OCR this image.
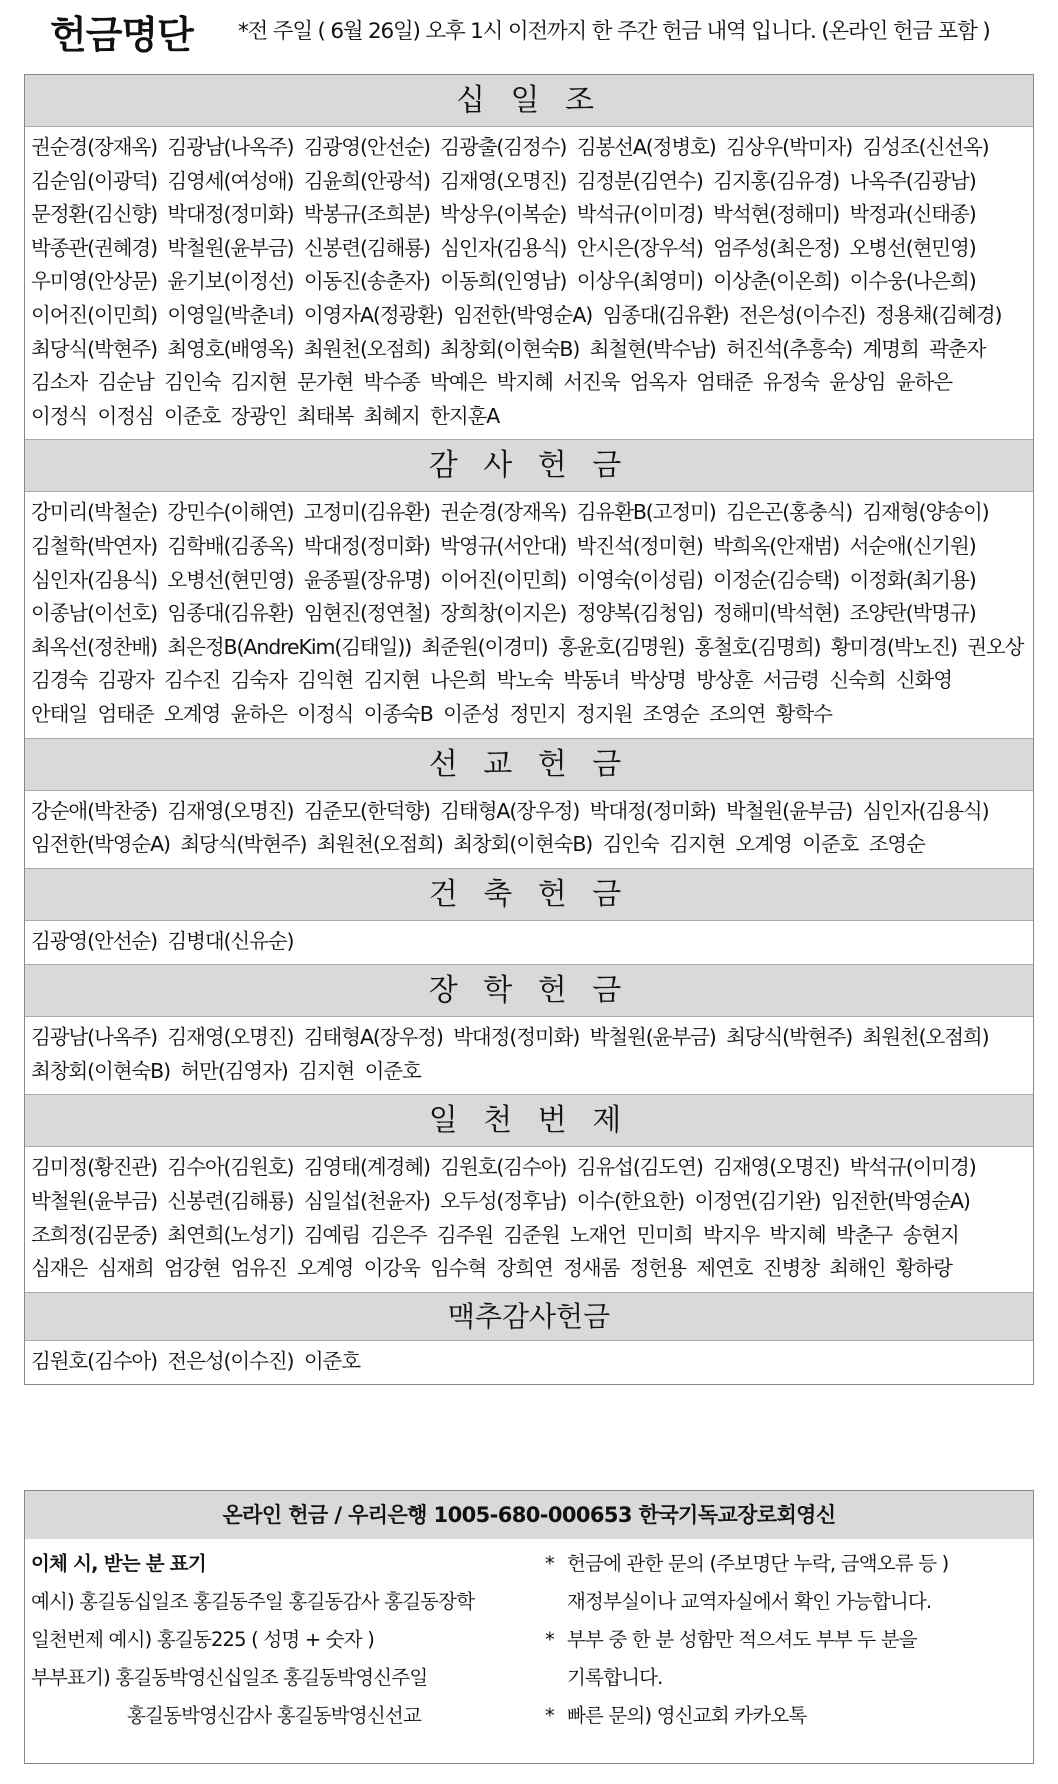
헌금명단 *전 주일 ( 6월 26일) 오후 1시 이전까지 한 주간 헌금 내역 입니다. (온라인 헌금 포함 )
십 일 조
권순경(장재옥) 김광남(나옥주) 김광영(안선순) 김광출(김정수) 김봉선A(정병호) 김상우(박미자) 김성조(신선옥)
김순임(이광덕) 김영세(여성애) 김윤희(안광석) 김재영(오명진) 김정분(김연수) 김지홍(김유경) 나옥주(김광남)
문정환(김신향) 박대정(정미화) 박봉규(조희분) 박상우(이복순) 박석규(이미경) 박석현(정해미) 박정과(신태종)
박종관(권혜경) 박철원(윤부금) 신봉련(김해룡) 심인자(김용식) 안시은(장우석) 엄주성(최은정) 오병선(현민영)
우미영(안상문) 윤기보(이정선) 이동진(송춘자) 이동희(인영남) 이상우(최영미) 이상춘(이온희) 이수웅(나은희)
이어진(이민희) 이영일(박춘녀) 이영자A(정광환) 임전한(박영순A) 임종대(김유환) 전은성(이수진) 정용채(김혜경)
최당식(박현주) 최영호(배영옥) 최원천(오점희) 최창회(이현숙B) 최철현(박수남) 허진석(추흥숙) 계명희 곽춘자
김소자 김순남 김인숙 김지현 문가현 박수종 박예은 박지혜 서진욱 엄옥자 엄태준 유정숙 윤상임 윤하은
이정식 이정심 이준호 장광인 최태복 최혜지 한지훈A
감 사 헌 금
강미리(박철순) 강민수(이해연) 고정미(김유환) 권순경(장재옥) 김유환B(고정미) 김은곤(홍충식) 김재형(양송이)
김철학(박연자) 김학배(김종옥) 박대정(정미화) 박영규(서안대) 박진석(정미현) 박희옥(안재범) 서순애(신기원)
심인자(김용식) 오병선(현민영) 윤종필(장유명) 이어진(이민희) 이영숙(이성림) 이정순(김승택) 이정화(최기용)
이종남(이선호) 임종대(김유환) 임현진(정연철) 장희창(이지은) 정양복(김청임) 정해미(박석현) 조양란(박명규)
최옥선(정찬배) 최은정B(AndreKim(김태일)) 최준원(이경미) 홍윤호(김명원) 홍철호(김명희) 황미경(박노진) 권오상
김경숙 김광자 김수진 김숙자 김익현 김지현 나은희 박노숙 박동녀 박상명 방상훈 서금령 신숙희 신화영
안태일 엄태준 오계영 윤하은 이정식 이종숙B 이준성 정민지 정지원 조영순 조의연 황학수
선 교 헌 금
강순애(박찬중) 김재영(오명진) 김준모(한덕향) 김태형A(장우정) 박대정(정미화) 박철원(윤부금) 심인자(김용식)
임전한(박영순A) 최당식(박현주) 최원천(오점희) 최창회(이현숙B) 김인숙 김지현 오계영 이준호 조영순
건 축 헌 금
김광영(안선순) 김병대(신유순)
장 학 헌 금
김광남(나옥주) 김재영(오명진) 김태형A(장우정) 박대정(정미화) 박철원(윤부금) 최당식(박현주) 최원천(오점희)
최창회(이현숙B) 허만(김영자) 김지현 이준호
일 천 번 제
김미정(황진관) 김수아(김원호) 김영태(계경혜) 김원호(김수아) 김유섭(김도연) 김재영(오명진) 박석규(이미경)
박철원(윤부금) 신봉련(김해룡) 심일섭(천윤자) 오두성(정후남) 이수(한요한) 이정연(김기완) 임전한(박영순A)
조희정(김문중) 최연희(노성기) 김예림 김은주 김주원 김준원 노재언 민미희 박지우 박지혜 박춘구 송현지
심재은 심재희 엄강현 엄유진 오계영 이강욱 임수혁 장희연 정새롬 정헌용 제연호 진병창 최해인 황하랑
맥추감사헌금
김원호(김수아) 전은성(이수진) 이준호
온라인 헌금 / 우리은행 1005-680-000653 한국기독교장로회영신
이체 시, 받는 분 표기
예시) 홍길동십일조 홍길동주일 홍길동감사 홍길동장학
일천번제 예시) 홍길동225 ( 성명 + 숫자 )
부부표기) 홍길동박영신십일조 홍길동박영신주일
홍길동박영신감사 홍길동박영신선교
* 헌금에 관한 문의 (주보명단 누락, 금액오류 등 )
재정부실이나 교역자실에서 확인 가능합니다.
* 부부 중 한 분 성함만 적으셔도 부부 두 분을
기록합니다.
* 빠른 문의) 영신교회 카카오톡
